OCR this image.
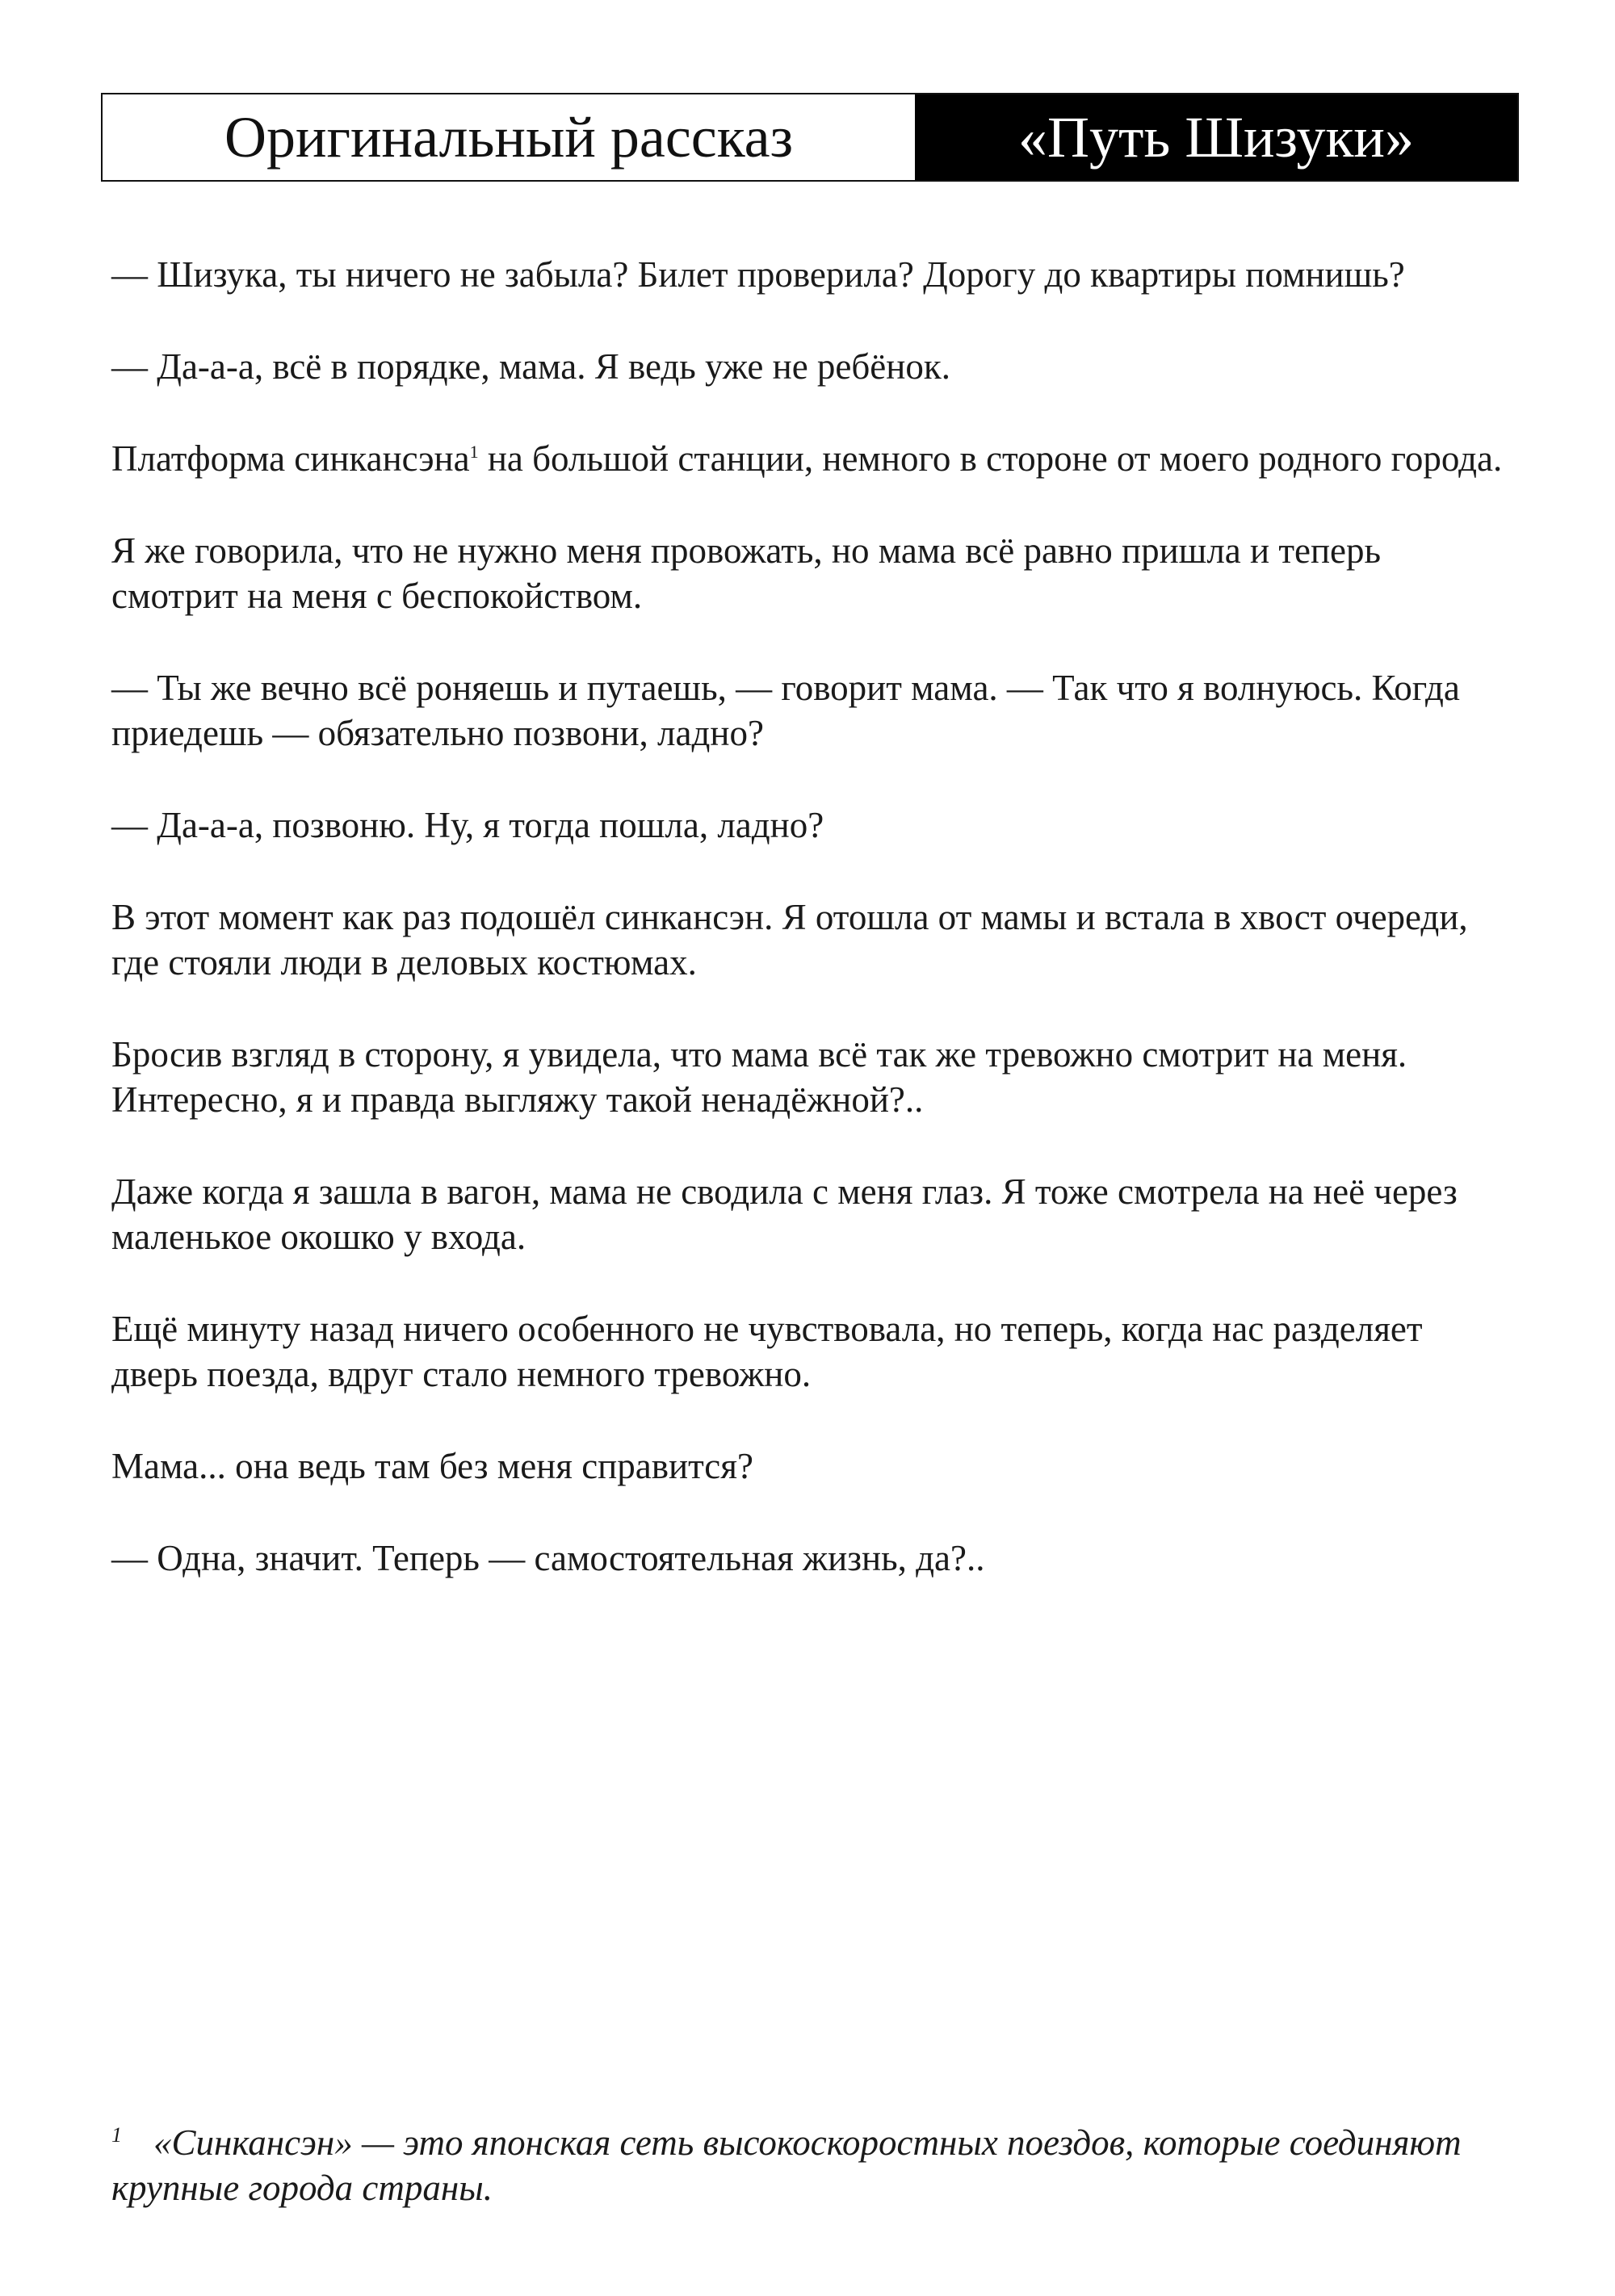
Оригинальный рассказ	«Путь Шизуки»

— Шизука, ты ничего не забыла? Билет проверила? Дорогу до квартиры помнишь?

— Да-а-а, всё в порядке, мама. Я ведь уже не ребёнок.

Платформа синкансэна$^1$ на большой станции, немного в стороне от моего родного города.

Я же говорила, что не нужно меня провожать, но мама всё равно пришла и теперь смотрит на меня с беспокойством.

— Ты же вечно всё роняешь и путаешь, — говорит мама. — Так что я волнуюсь. Когда приедешь — обязательно позвони, ладно?

— Да-а-а, позвоню. Ну, я тогда пошла, ладно?

В этот момент как раз подошёл синкансэн. Я отошла от мамы и встала в хвост очереди, где стояли люди в деловых костюмах.

Бросив взгляд в сторону, я увидела, что мама всё так же тревожно смотрит на меня. Интересно, я и правда выгляжу такой ненадёжной?..

Даже когда я зашла в вагон, мама не сводила с меня глаз. Я тоже смотрела на неё через маленькое окошко у входа.

Ещё минуту назад ничего особенного не чувствовала, но теперь, когда нас разделяет дверь поезда, вдруг стало немного тревожно.

Мама... она ведь там без меня справится?

— Одна, значит. Теперь — самостоятельная жизнь, да?..

1 «Синкансэн» — это японская сеть высокоскоростных поездов, которые соединяют крупные города страны.
